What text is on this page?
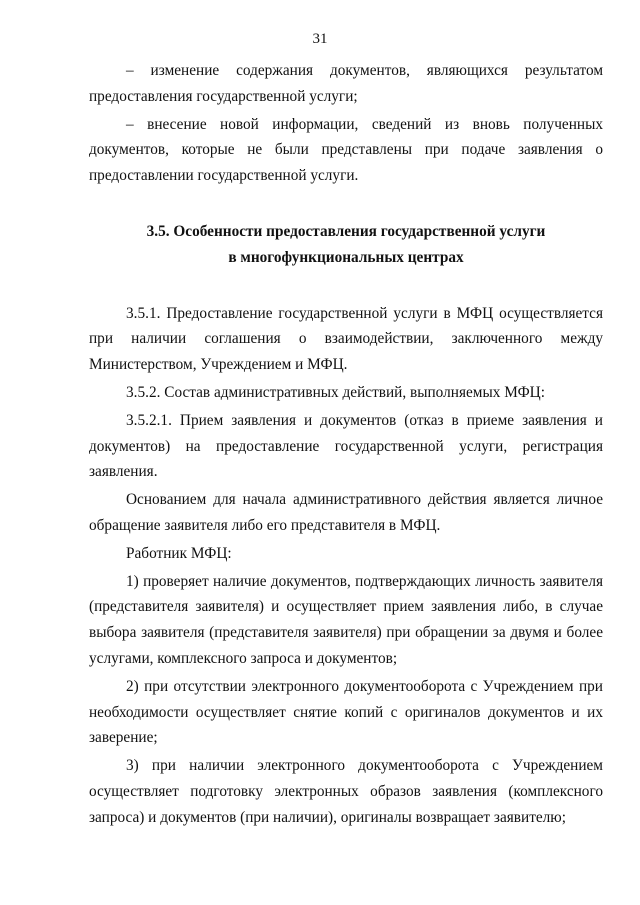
31

– изменение содержания документов, являющихся результатом предоставления государственной услуги;

– внесение новой информации, сведений из вновь полученных документов, которые не были представлены при подаче заявления о предоставлении государственной услуги.

3.5. Особенности предоставления государственной услуги
в многофункциональных центрах

3.5.1. Предоставление государственной услуги в МФЦ осуществляется при наличии соглашения о взаимодействии, заключенного между Министерством, Учреждением и МФЦ.

3.5.2. Состав административных действий, выполняемых МФЦ:

3.5.2.1. Прием заявления и документов (отказ в приеме заявления и документов) на предоставление государственной услуги, регистрация заявления.

Основанием для начала административного действия является личное обращение заявителя либо его представителя в МФЦ.

Работник МФЦ:

1) проверяет наличие документов, подтверждающих личность заявителя (представителя заявителя) и осуществляет прием заявления либо, в случае выбора заявителя (представителя заявителя) при обращении за двумя и более услугами, комплексного запроса и документов;

2) при отсутствии электронного документооборота с Учреждением при необходимости осуществляет снятие копий с оригиналов документов и их заверение;

3) при наличии электронного документооборота с Учреждением осуществляет подготовку электронных образов заявления (комплексного запроса) и документов (при наличии), оригиналы возвращает заявителю;
